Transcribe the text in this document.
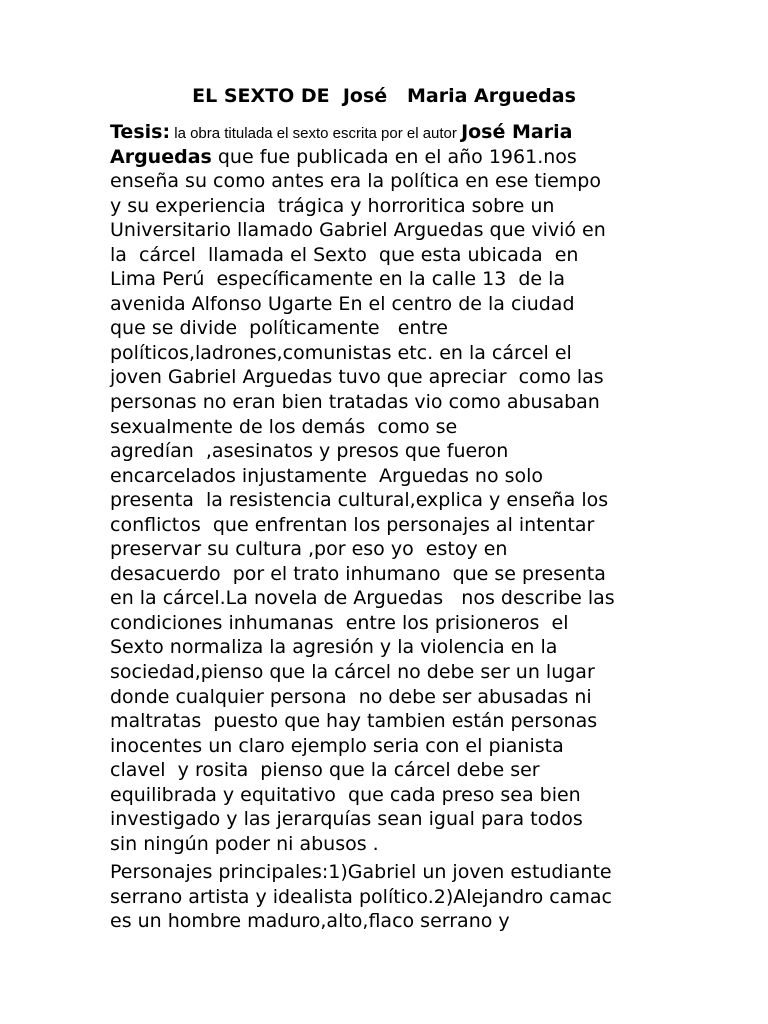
EL SEXTO DE  José   Maria Arguedas
Tesis: la obra titulada el sexto escrita por el autor José Maria
Arguedas que fue publicada en el año 1961.nos
enseña su como antes era la política en ese tiempo
y su experiencia  trágica y horroritica sobre un
Universitario llamado Gabriel Arguedas que vivió en
la  cárcel  llamada el Sexto  que esta ubicada  en
Lima Perú  específicamente en la calle 13  de la
avenida Alfonso Ugarte En el centro de la ciudad
que se divide  políticamente   entre
políticos,ladrones,comunistas etc. en la cárcel el
joven Gabriel Arguedas tuvo que apreciar  como las
personas no eran bien tratadas vio como abusaban
sexualmente de los demás  como se
agredían  ,asesinatos y presos que fueron
encarcelados injustamente  Arguedas no solo
presenta  la resistencia cultural,explica y enseña los
conflictos  que enfrentan los personajes al intentar
preservar su cultura ,por eso yo  estoy en
desacuerdo  por el trato inhumano  que se presenta
en la cárcel.La novela de Arguedas   nos describe las
condiciones inhumanas  entre los prisioneros  el
Sexto normaliza la agresión y la violencia en la
sociedad,pienso que la cárcel no debe ser un lugar
donde cualquier persona  no debe ser abusadas ni
maltratas  puesto que hay tambien están personas
inocentes un claro ejemplo seria con el pianista
clavel  y rosita  pienso que la cárcel debe ser
equilibrada y equitativo  que cada preso sea bien
investigado y las jerarquías sean igual para todos
sin ningún poder ni abusos .
Personajes principales:1)Gabriel un joven estudiante
serrano artista y idealista político.2)Alejandro camac
es un hombre maduro,alto,flaco serrano y
